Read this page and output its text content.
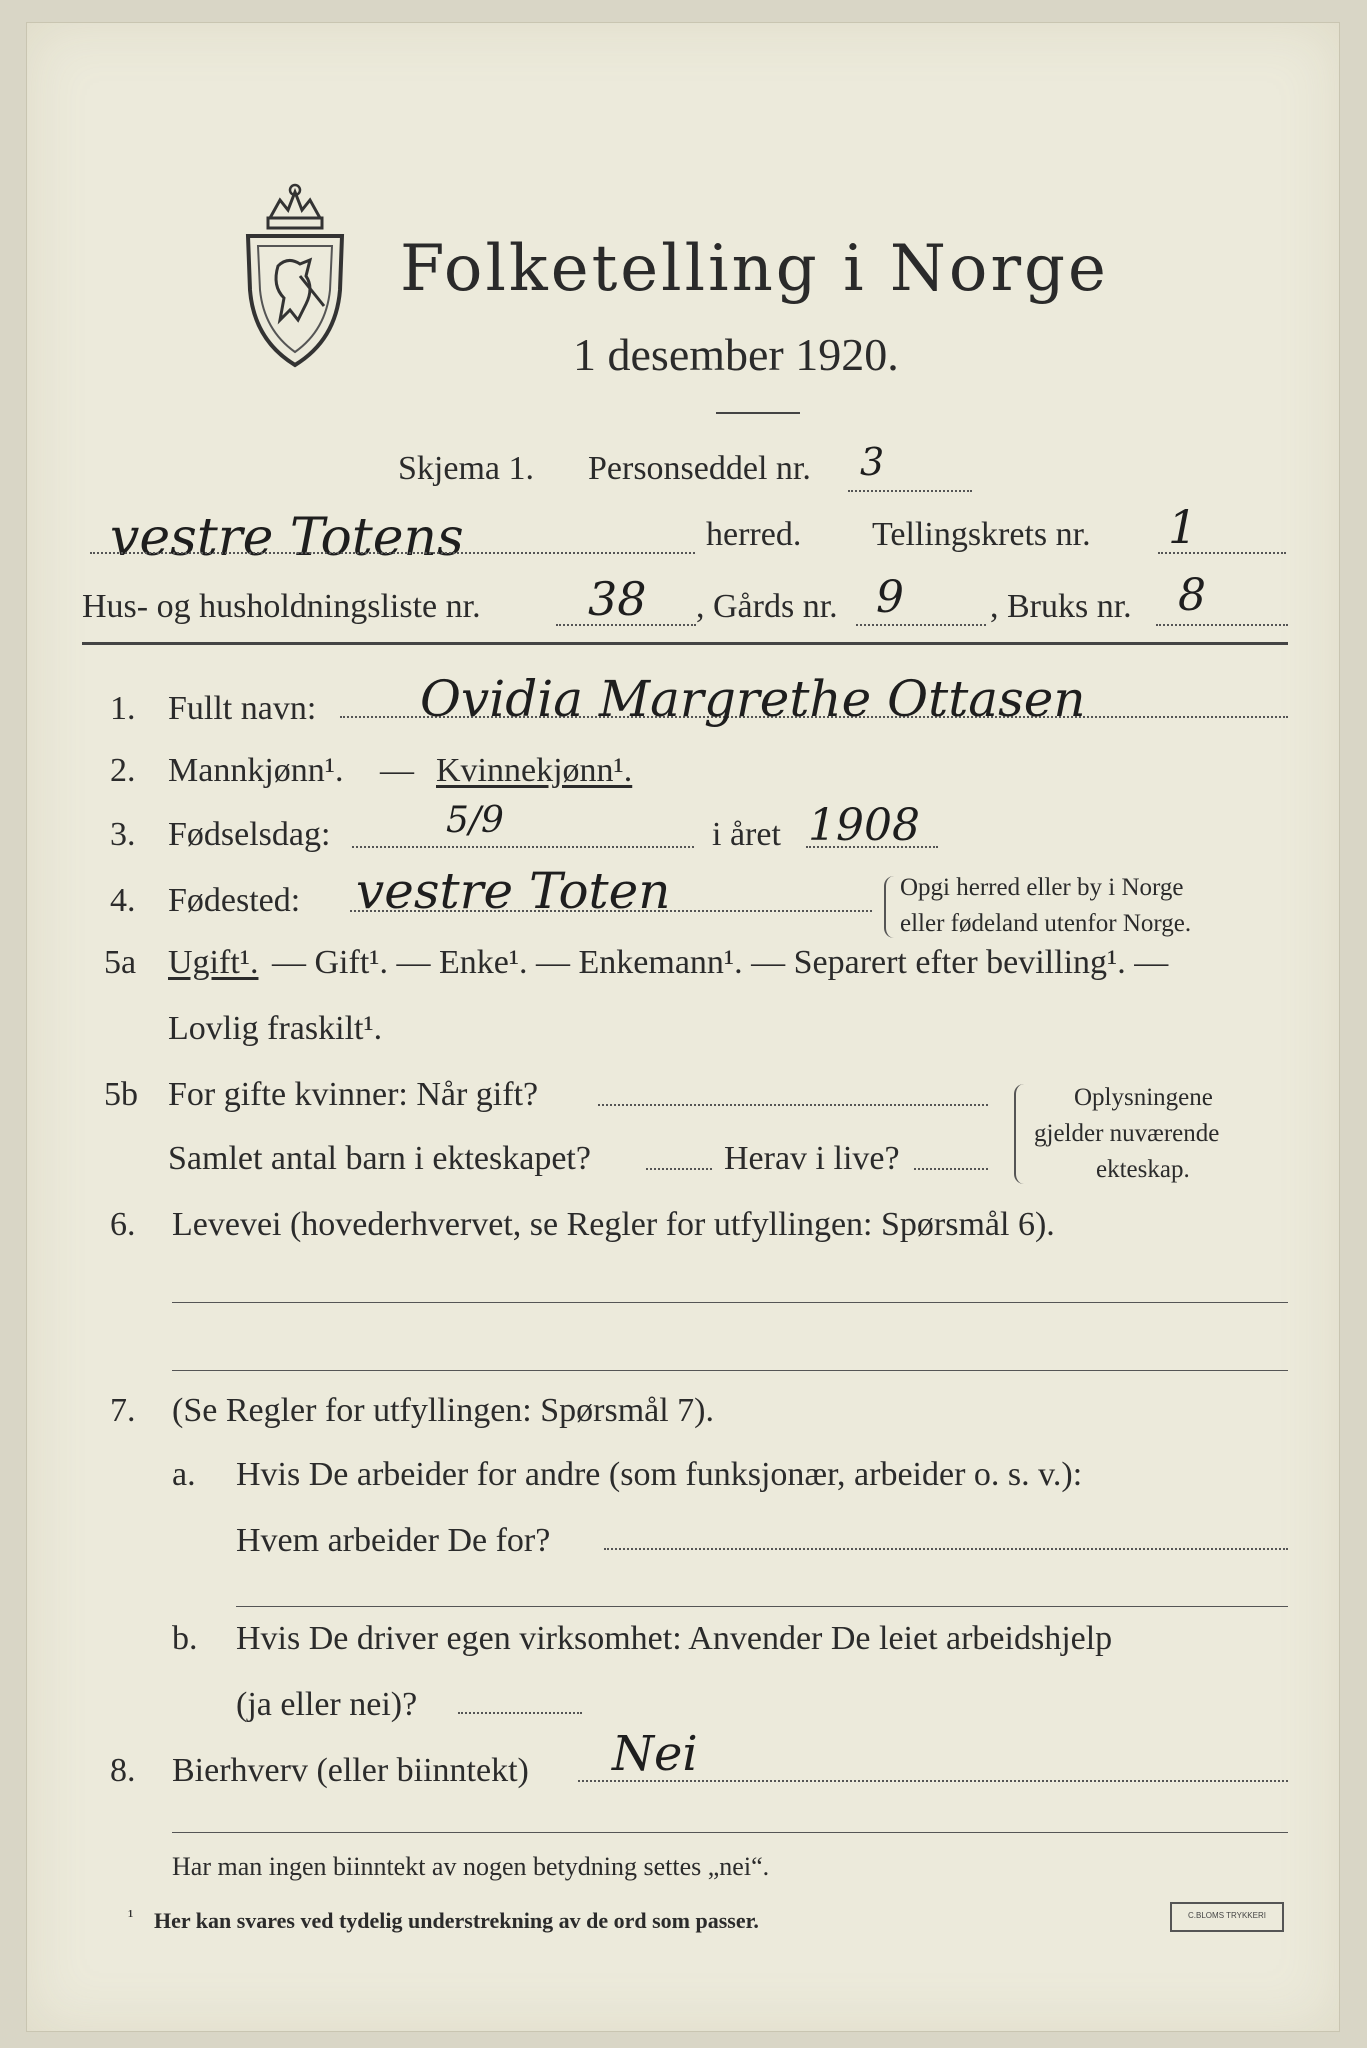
Folketelling i Norge
1 desember 1920.
Skjema 1. Personseddel nr. 3
vestre Totens	herred. Tellingskrets nr. 1
Hus- og husholdningsliste nr. 38 , Gårds nr. 9	, Bruks nr. 8
1. Fullt navn: Ovidia Margrethe Ottasen
2. Mannkjønn¹. — Kvinnekjønn¹.
3. Fødselsdag:	5/9	i året 1908
4. Fødested: vestre Toten	Opgi herred eller by i Norge
eller fødeland utenfor Norge.
5a Ugift¹. — Gift¹. — Enke¹. — Enkemann¹. — Separert efter bevilling¹. —
Lovlig fraskilt¹.
5b For gifte kvinner: Når gift?
Samlet antal barn i ekteskapet?	Herav i live?
Oplysningene
gjelder nuværende
ekteskap.
6. Levevei (hovederhvervet, se Regler for utfyllingen: Spørsmål 6).
7. (Se Regler for utfyllingen: Spørsmål 7).
a. Hvis De arbeider for andre (som funksjonær, arbeider o. s. v.):
Hvem arbeider De for?
b. Hvis De driver egen virksomhet: Anvender De leiet arbeidshjelp
(ja eller nei)?
8. Bierhverv (eller biinntekt) Nei
Har man ingen biinntekt av nogen betydning settes „nei“.
¹ Her kan svares ved tydelig understrekning av de ord som passer.	C.BLOMS TRYKKERI
